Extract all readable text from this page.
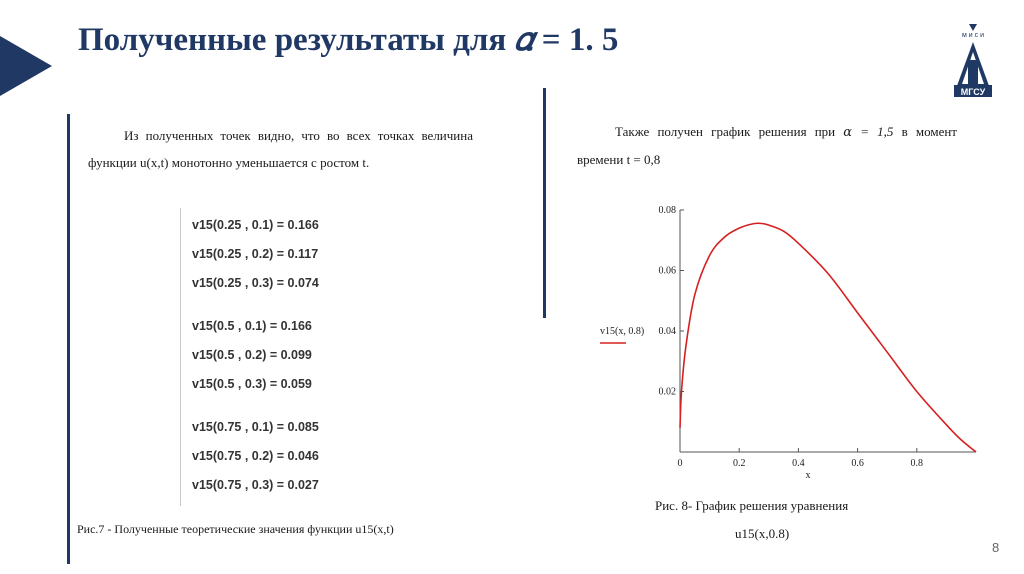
Полученные результаты для 𝛼 = 1. 5	м и с и
МГСУ
Из полученных точек видно, что во всех точках величина функции u(x,t) монотонно уменьшается с ростом t.
v15(0.25 , 0.1) = 0.166
v15(0.25 , 0.2) = 0.117
v15(0.25 , 0.3) = 0.074
v15(0.5 , 0.1) = 0.166
v15(0.5 , 0.2) = 0.099
v15(0.5 , 0.3) = 0.059
v15(0.75 , 0.1) = 0.085
v15(0.75 , 0.2) = 0.046
v15(0.75 , 0.3) = 0.027
Рис.7 - Полученные теоретические значения функции u15(x,t)
Также получен график решения при 𝛼 = 1,5 в момент времени t = 0,8
0	0.2	0.4	0.6	0.8
0.02
0.04
0.06
0.08
x
v15(x, 0.8)
Рис. 8- График решения уравнения
u15(x,0.8)
8
